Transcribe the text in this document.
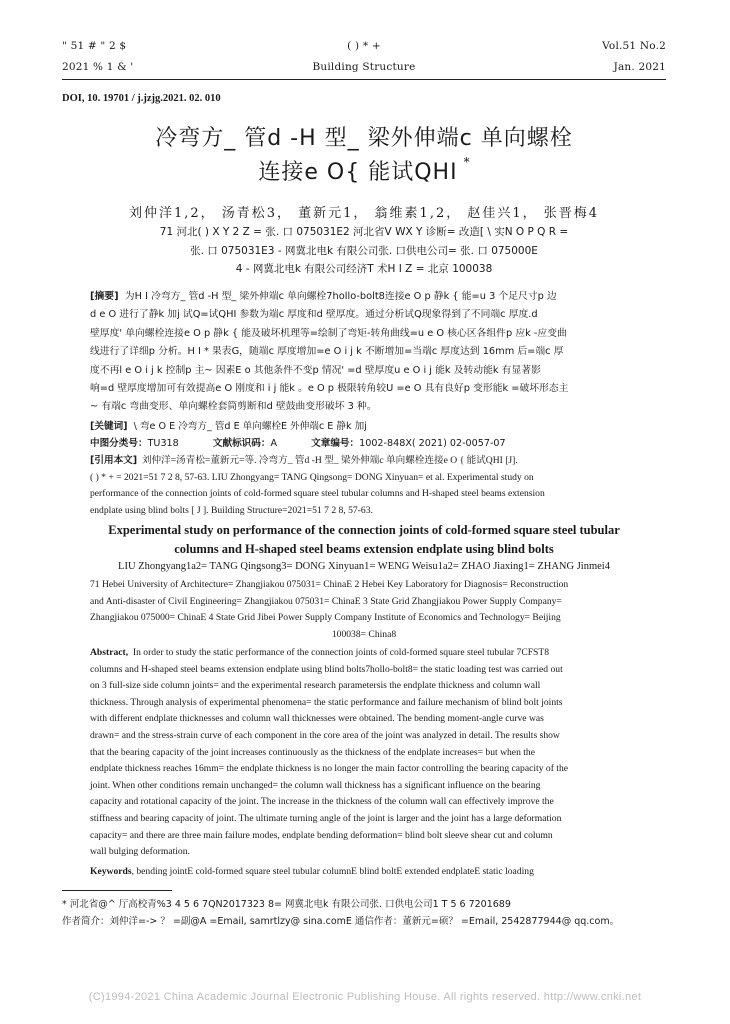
" 51 # " 2 $	( ) * +	Vol.51 No.2
2021 % 1 & '	Building Structure	Jan. 2021
DOI, 10. 19701 / j.jzjg.2021. 02. 010
冷弯方_ 管d -H 型_ 梁外伸端c 单向螺栓
连接e O{ 能试QHI *
刘仲洋1,2， 汤青松3， 董新元1， 翁维素1,2， 赵佳兴1， 张晋梅4
71 河北( ) X Y 2 Z = 张. 口 075031E2 河北省V WX Y 诊断= 改造[ \ 实N O P Q R =
张. 口 075031E3 - 网冀北电k 有限公司张. 口供电公司= 张. 口 075000E
4 - 网冀北电k 有限公司经济T 术H I Z = 北京 100038
[摘要] 为H I 冷弯方_ 管d -H 型_ 梁外伸端c 单向螺栓7hollo-bolt8连接e O p 静k { 能=u 3 个足尺寸p 边
d e O 进行了静k 加j 试Q=试QHI 参数为端c 厚度和d 壁厚度。通过分析试Q现象得到了不同端c 厚度.d
壁厚度' 单向螺栓连接e O p 静k { 能及破坏机理等=绘制了弯矩-转角曲线=u e O 核心区各组件p 应k -应变曲
线进行了详细p 分析。H I * 果表G，随端c 厚度增加=e O i j k 不断增加=当端c 厚度达到 16mm 后=端c 厚
度不再l e O i j k 控制p 主~ 因素E o 其他条件不变p 情况' =d 壁厚度u e O i j 能k 及转动能k 有显著影
响=d 壁厚度增加可有效提高e O 刚度和 i j 能k 。e O p 极限转角较U =e O 具有良好p 变形能k =破坏形态主
~ 有端c 弯曲变形、单向螺栓套筒剪断和d 壁鼓曲变形破坏 3 种。
[关键词] \ 弯e O E 冷弯方_ 管d E 单向螺栓E 外伸端c E 静k 加j
中图分类号：TU318	文献标识码：A	文章编号：1002-848X( 2021) 02-0057-07
[引用本文] 刘仲洋=汤青松=董新元=等. 冷弯方_ 管d -H 型_ 梁外伸端c 单向螺栓连接e O { 能试QHI [J].
( ) * + = 2021=51 7 2 8, 57-63. LIU Zhongyang= TANG Qingsong= DONG Xinyuan= et al. Experimental study on
performance of the connection joints of cold-formed square steel tubular columns and H-shaped steel beams extension
endplate using blind bolts [ J ]. Building Structure=2021=51 7 2 8, 57-63.
Experimental study on performance of the connection joints of cold-formed square steel tubular
columns and H-shaped steel beams extension endplate using blind bolts
LIU Zhongyang1a2= TANG Qingsong3= DONG Xinyuan1= WENG Weisu1a2= ZHAO Jiaxing1= ZHANG Jinmei4
71 Hebei University of Architecture= Zhangjiakou 075031= ChinaE 2 Hebei Key Laboratory for Diagnosis= Reconstruction
and Anti-disaster of Civil Engineering= Zhangjiakou 075031= ChinaE 3 State Grid Zhangjiakou Power Supply Company=
Zhangjiakou 075000= ChinaE 4 State Grid Jibei Power Supply Company Institute of Economics and Technology= Beijing
100038= China8
Abstract, In order to study the static performance of the connection joints of cold-formed square steel tubular 7CFST8
columns and H-shaped steel beams extension endplate using blind bolts7hollo-bolt8= the static loading test was carried out
on 3 full-size side column joints= and the experimental research parametersis the endplate thickness and column wall
thickness. Through analysis of experimental phenomena= the static performance and failure mechanism of blind bolt joints
with different endplate thicknesses and column wall thicknesses were obtained. The bending moment-angle curve was
drawn= and the stress-strain curve of each component in the core area of the joint was analyzed in detail. The results show
that the bearing capacity of the joint increases continuously as the thickness of the endplate increases= but when the
endplate thickness reaches 16mm= the endplate thickness is no longer the main factor controlling the bearing capacity of the
joint. When other conditions remain unchanged= the column wall thickness has a significant influence on the bearing
capacity and rotational capacity of the joint. The increase in the thickness of the column wall can effectively improve the
stiffness and bearing capacity of joint. The ultimate turning angle of the joint is larger and the joint has a large deformation
capacity= and there are three main failure modes, endplate bending deformation= blind bolt sleeve shear cut and column
wall bulging deformation.
Keywords, bending jointE cold-formed square steel tubular columnE blind boltE extended endplateE static loading
* 河北省@^ 厅高校青%3 4 5 6 7QN2017323 8= 网冀北电k 有限公司张. 口供电公司1 T 5 6 7201689
作者简介：刘仲洋=-> ？ =副@A =Email, samrtlzy@ sina.comE 通信作者：董新元=硕？ =Email, 2542877944@ qq.com。
(C)1994-2021 China Academic Journal Electronic Publishing House. All rights reserved. http://www.cnki.net
